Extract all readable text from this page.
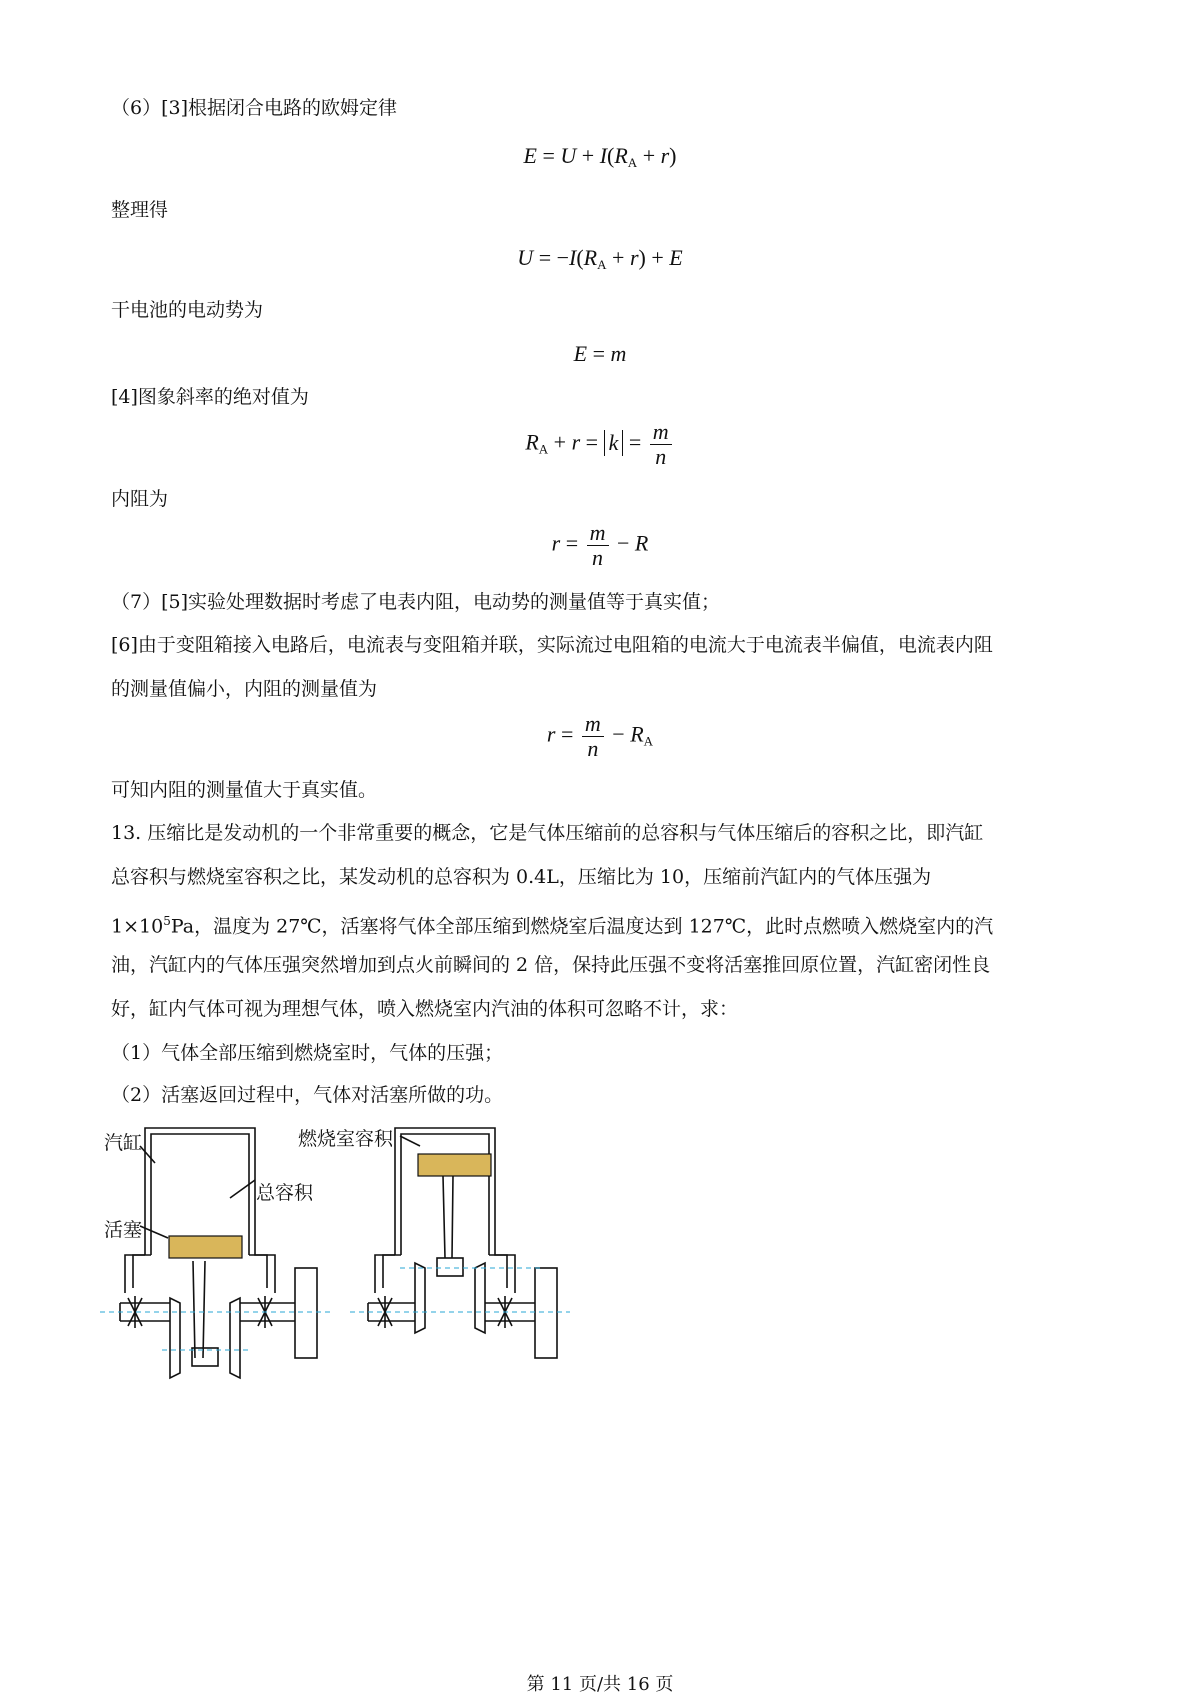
（6）[3]根据闭合电路的欧姆定律
$E = U + I(R_A + r)$
整理得
$U = -I(R_A + r) + E$
干电池的电动势为
E = m
[4]图象斜率的绝对值为
$R_A + r = k = \frac{m}{n}$
内阻为
$r = \frac{m}{n} - R$
（7）[5]实验处理数据时考虑了电表内阻，电动势的测量值等于真实值；
[6]由于变阻箱接入电路后，电流表与变阻箱并联，实际流过电阻箱的电流大于电流表半偏值，电流表内阻
的测量值偏小，内阻的测量值为
$r = \frac{m}{n} - R_A$
可知内阻的测量值大于真实值。
13. 压缩比是发动机的一个非常重要的概念，它是气体压缩前的总容积与气体压缩后的容积之比，即汽缸
总容积与燃烧室容积之比，某发动机的总容积为 0.4L，压缩比为 10，压缩前汽缸内的气体压强为
$1\times 10^5Pa$，温度为 27℃，活塞将气体全部压缩到燃烧室后温度达到 127℃，此时点燃喷入燃烧室内的汽
油，汽缸内的气体压强突然增加到点火前瞬间的 2 倍，保持此压强不变将活塞推回原位置，汽缸密闭性良
好，缸内气体可视为理想气体，喷入燃烧室内汽油的体积可忽略不计，求：
（1）气体全部压缩到燃烧室时，气体的压强；
（2）活塞返回过程中，气体对活塞所做的功。
汽缸
总容积
活塞
燃烧室容积
第 11 页/共 16 页
